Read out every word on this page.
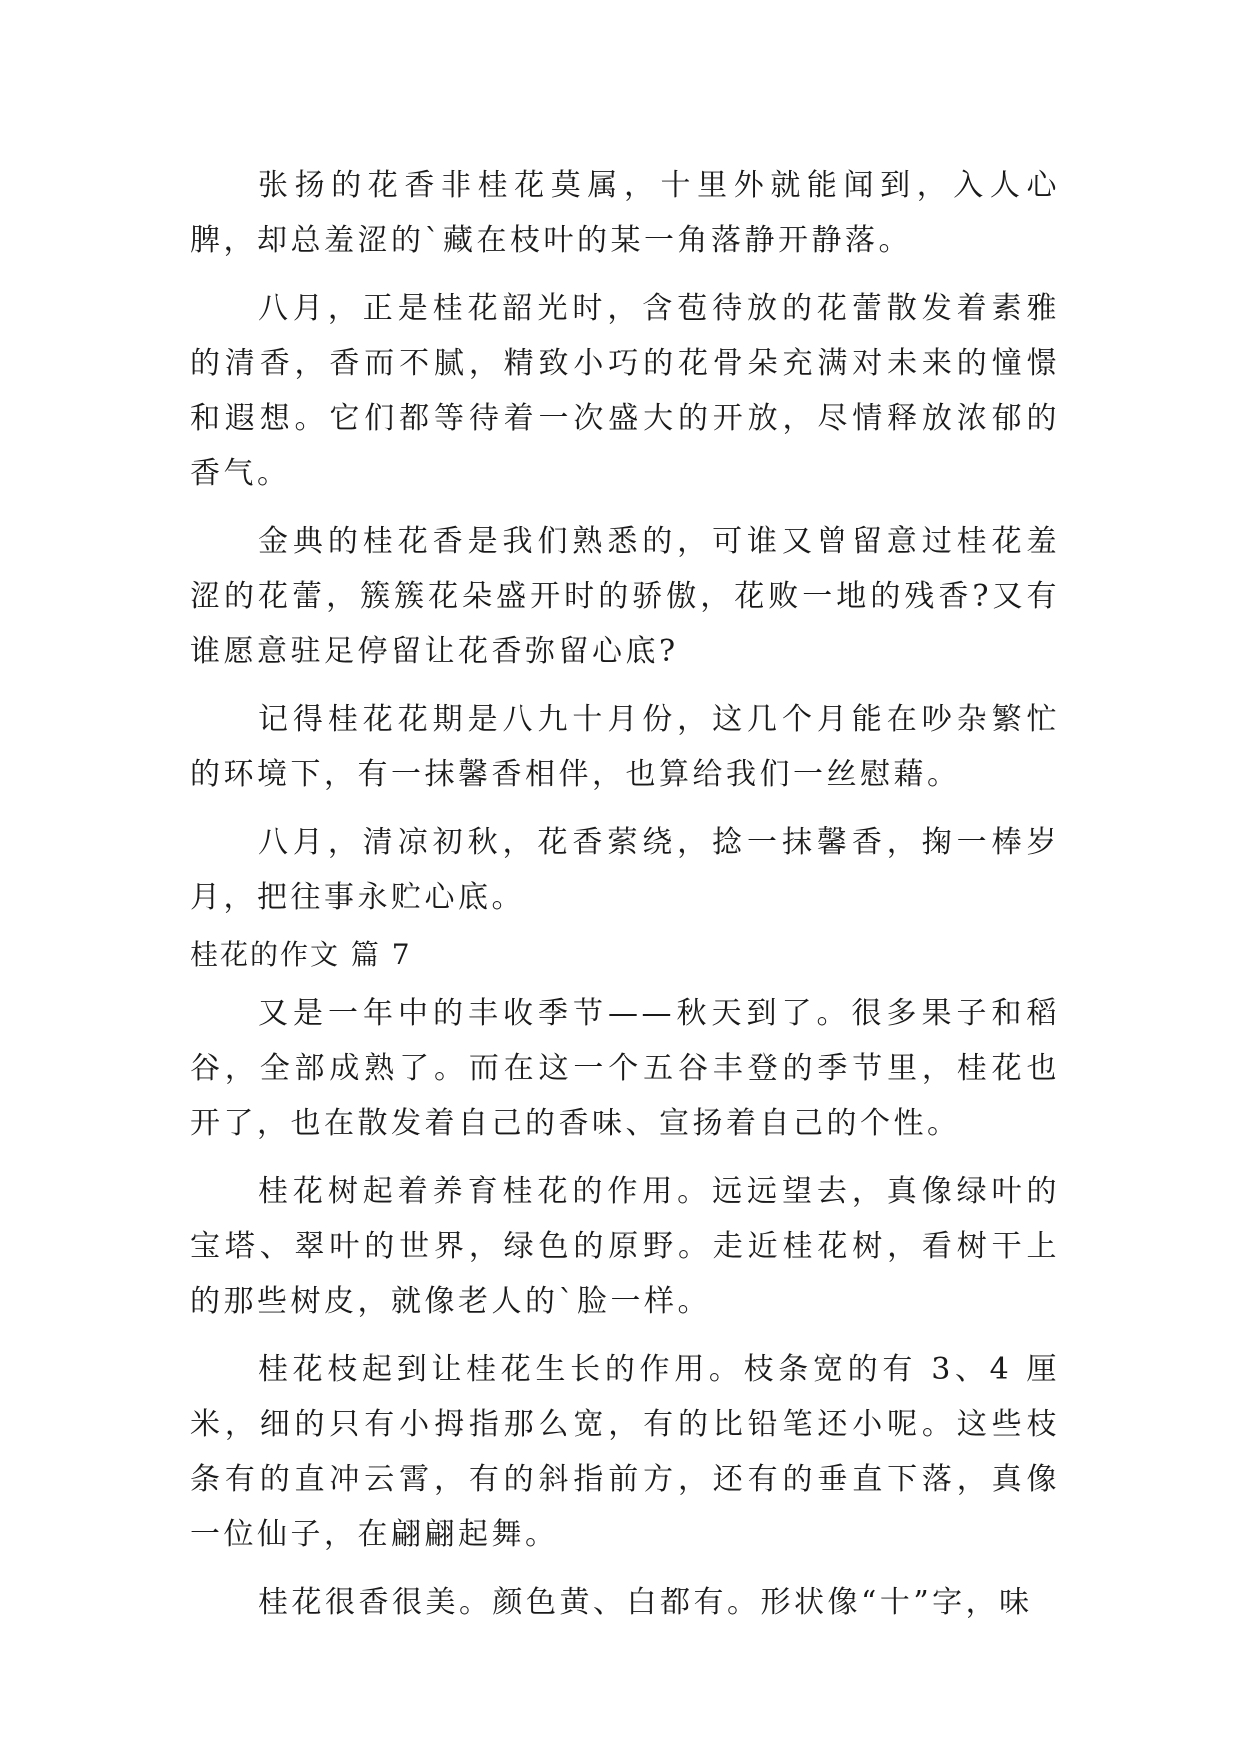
张扬的花香非桂花莫属，十里外就能闻到，入人心脾，却总羞涩的`藏在枝叶的某一角落静开静落。

八月，正是桂花韶光时，含苞待放的花蕾散发着素雅的清香，香而不腻，精致小巧的花骨朵充满对未来的憧憬和遐想。它们都等待着一次盛大的开放，尽情释放浓郁的香气。

金典的桂花香是我们熟悉的，可谁又曾留意过桂花羞涩的花蕾，簇簇花朵盛开时的骄傲，花败一地的残香?又有谁愿意驻足停留让花香弥留心底?

记得桂花花期是八九十月份，这几个月能在吵杂繁忙的环境下，有一抹馨香相伴，也算给我们一丝慰藉。

八月，清凉初秋，花香萦绕，捻一抹馨香，掬一棒岁月，把往事永贮心底。

桂花的作文 篇 7

又是一年中的丰收季节——秋天到了。很多果子和稻谷，全部成熟了。而在这一个五谷丰登的季节里，桂花也开了，也在散发着自己的香味、宣扬着自己的个性。

桂花树起着养育桂花的作用。远远望去，真像绿叶的宝塔、翠叶的世界，绿色的原野。走近桂花树，看树干上的那些树皮，就像老人的`脸一样。

桂花枝起到让桂花生长的作用。枝条宽的有 3、4 厘米，细的只有小拇指那么宽，有的比铅笔还小呢。这些枝条有的直冲云霄，有的斜指前方，还有的垂直下落，真像一位仙子，在翩翩起舞。

桂花很香很美。颜色黄、白都有。形状像“十”字，味
